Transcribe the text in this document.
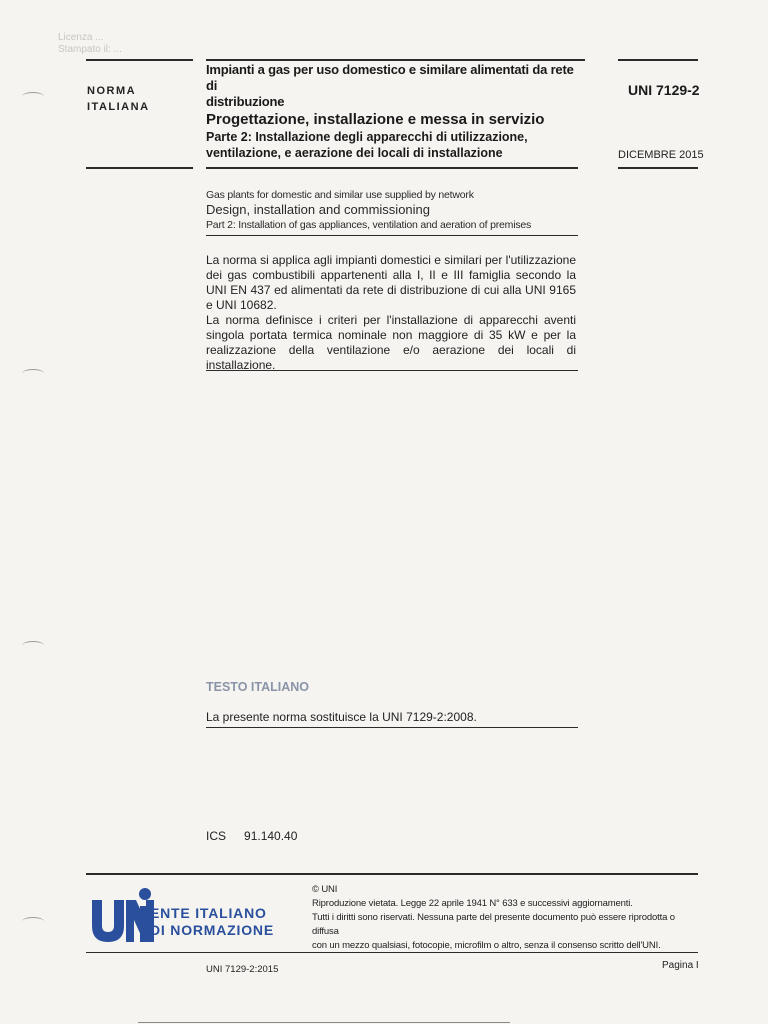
Licenza ...
Stampato il: ...
NORMA
ITALIANA
Impianti a gas per uso domestico e similare alimentati da rete di
distribuzione
Progettazione, installazione e messa in servizio
Parte 2: Installazione degli apparecchi di utilizzazione,
ventilazione, e aerazione dei locali di installazione
UNI 7129-2
DICEMBRE 2015
Gas plants for domestic and similar use supplied by network
Design, installation and commissioning
Part 2: Installation of gas appliances, ventilation and aeration of premises

La norma si applica agli impianti domestici e similari per l'utilizzazione dei gas combustibili appartenenti alla I, II e III famiglia secondo la UNI EN 437 ed alimentati da rete di distribuzione di cui alla UNI 9165 e UNI 10682.

La norma definisce i criteri per l'installazione di apparecchi aventi singola portata termica nominale non maggiore di 35 kW e per la realizzazione della ventilazione e/o aerazione dei locali di installazione.

TESTO ITALIANO
La presente norma sostituisce la UNI 7129-2:2008.
ICS 91.140.40
ENTE ITALIANO
DI NORMAZIONE
© UNI
Riproduzione vietata. Legge 22 aprile 1941 N° 633 e successivi aggiornamenti.
Tutti i diritti sono riservati. Nessuna parte del presente documento può essere riprodotta o diffusa
con un mezzo qualsiasi, fotocopie, microfilm o altro, senza il consenso scritto dell'UNI.
UNI 7129-2:2015	Pagina I
